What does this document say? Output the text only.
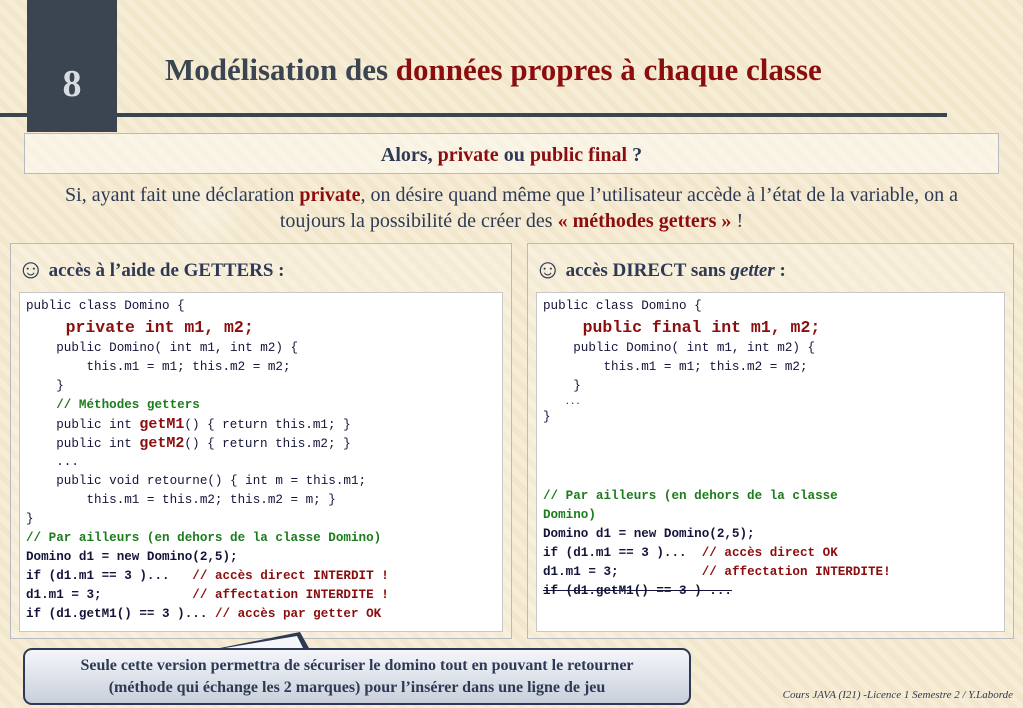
8	Modélisation des données propres à chaque classe
Alors, private ou public final ?
Si, ayant fait une déclaration private, on désire quand même que l’utilisateur accède à l’état de la variable, on a toujours la possibilité de créer des « méthodes getters » !
☺ accès à l’aide de GETTERS :
public class Domino {
private int m1, m2;
public Domino( int m1, int m2) {
this.m1 = m1; this.m2 = m2;
}
// Méthodes getters
public int getM1() { return this.m1; }
public int getM2() { return this.m2; }
...
public void retourne() { int m = this.m1;
this.m1 = this.m2; this.m2 = m; }
}
// Par ailleurs (en dehors de la classe Domino)
Domino d1 = new Domino(2,5);
if (d1.m1 == 3 )...   // accès direct INTERDIT !
d1.m1 = 3;            // affectation INTERDITE !
if (d1.getM1() == 3 )... // accès par getter OK
☺ accès DIRECT sans getter :
public class Domino {
public final int m1, m2;
public Domino( int m1, int m2) {
this.m1 = m1; this.m2 = m2;
}
...
}
// Par ailleurs (en dehors de la classe
Domino)
Domino d1 = new Domino(2,5);
if (d1.m1 == 3 )...  // accès direct OK
d1.m1 = 3;           // affectation INTERDITE!
if (d1.getM1() == 3 ) ...
Seule cette version permettra de sécuriser le domino tout en pouvant le retourner
(méthode qui échange les 2 marques) pour l’insérer dans une ligne de jeu	Cours JAVA (I21) -Licence 1 Semestre 2 / Y.Laborde
